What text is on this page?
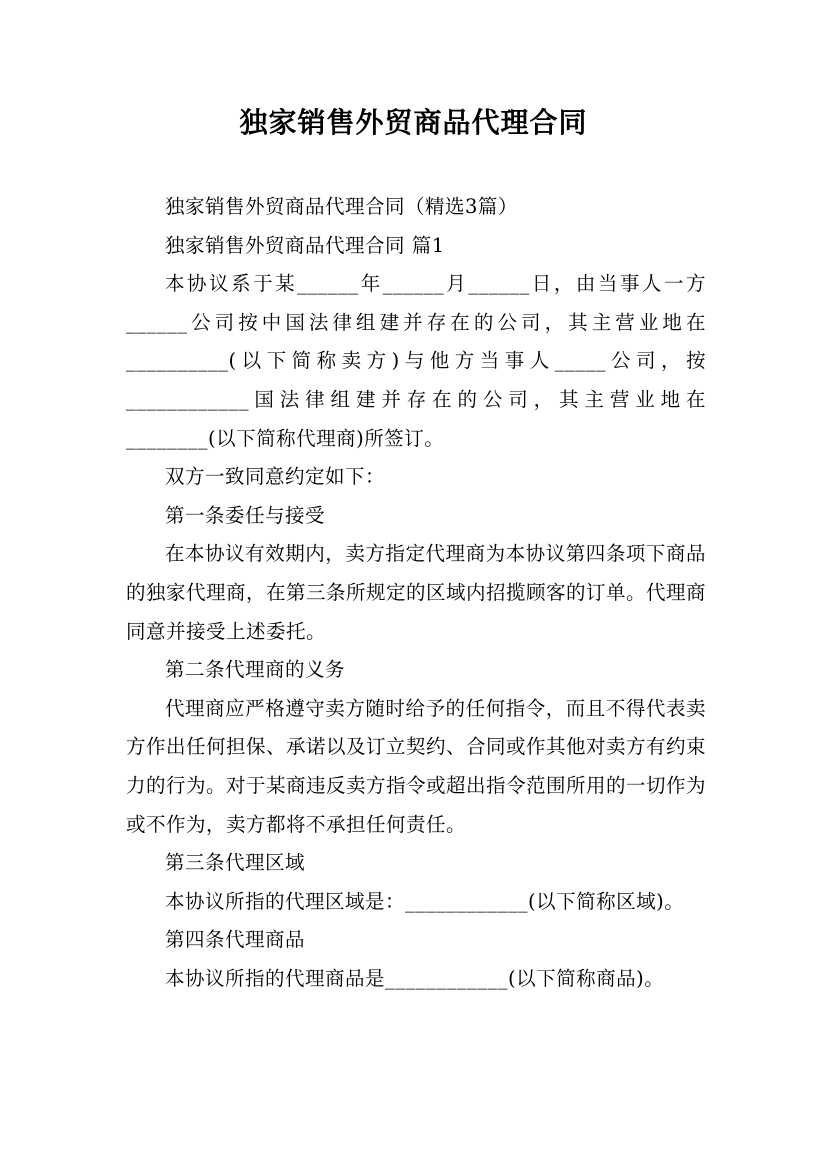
独家销售外贸商品代理合同

独家销售外贸商品代理合同（精选3篇）

独家销售外贸商品代理合同 篇1

本协议系于某______年______月______日，由当事人一方______公司按中国法律组建并存在的公司，其主营业地在__________(以下简称卖方)与他方当事人_____公司，按____________国法律组建并存在的公司，其主营业地在________(以下简称代理商)所签订。

双方一致同意约定如下：

第一条委任与接受

在本协议有效期内，卖方指定代理商为本协议第四条项下商品的独家代理商，在第三条所规定的区域内招揽顾客的订单。代理商同意并接受上述委托。

第二条代理商的义务

代理商应严格遵守卖方随时给予的任何指令，而且不得代表卖方作出任何担保、承诺以及订立契约、合同或作其他对卖方有约束力的行为。对于某商违反卖方指令或超出指令范围所用的一切作为或不作为，卖方都将不承担任何责任。

第三条代理区域

本协议所指的代理区域是：____________(以下简称区域)。

第四条代理商品

本协议所指的代理商品是____________(以下简称商品)。
